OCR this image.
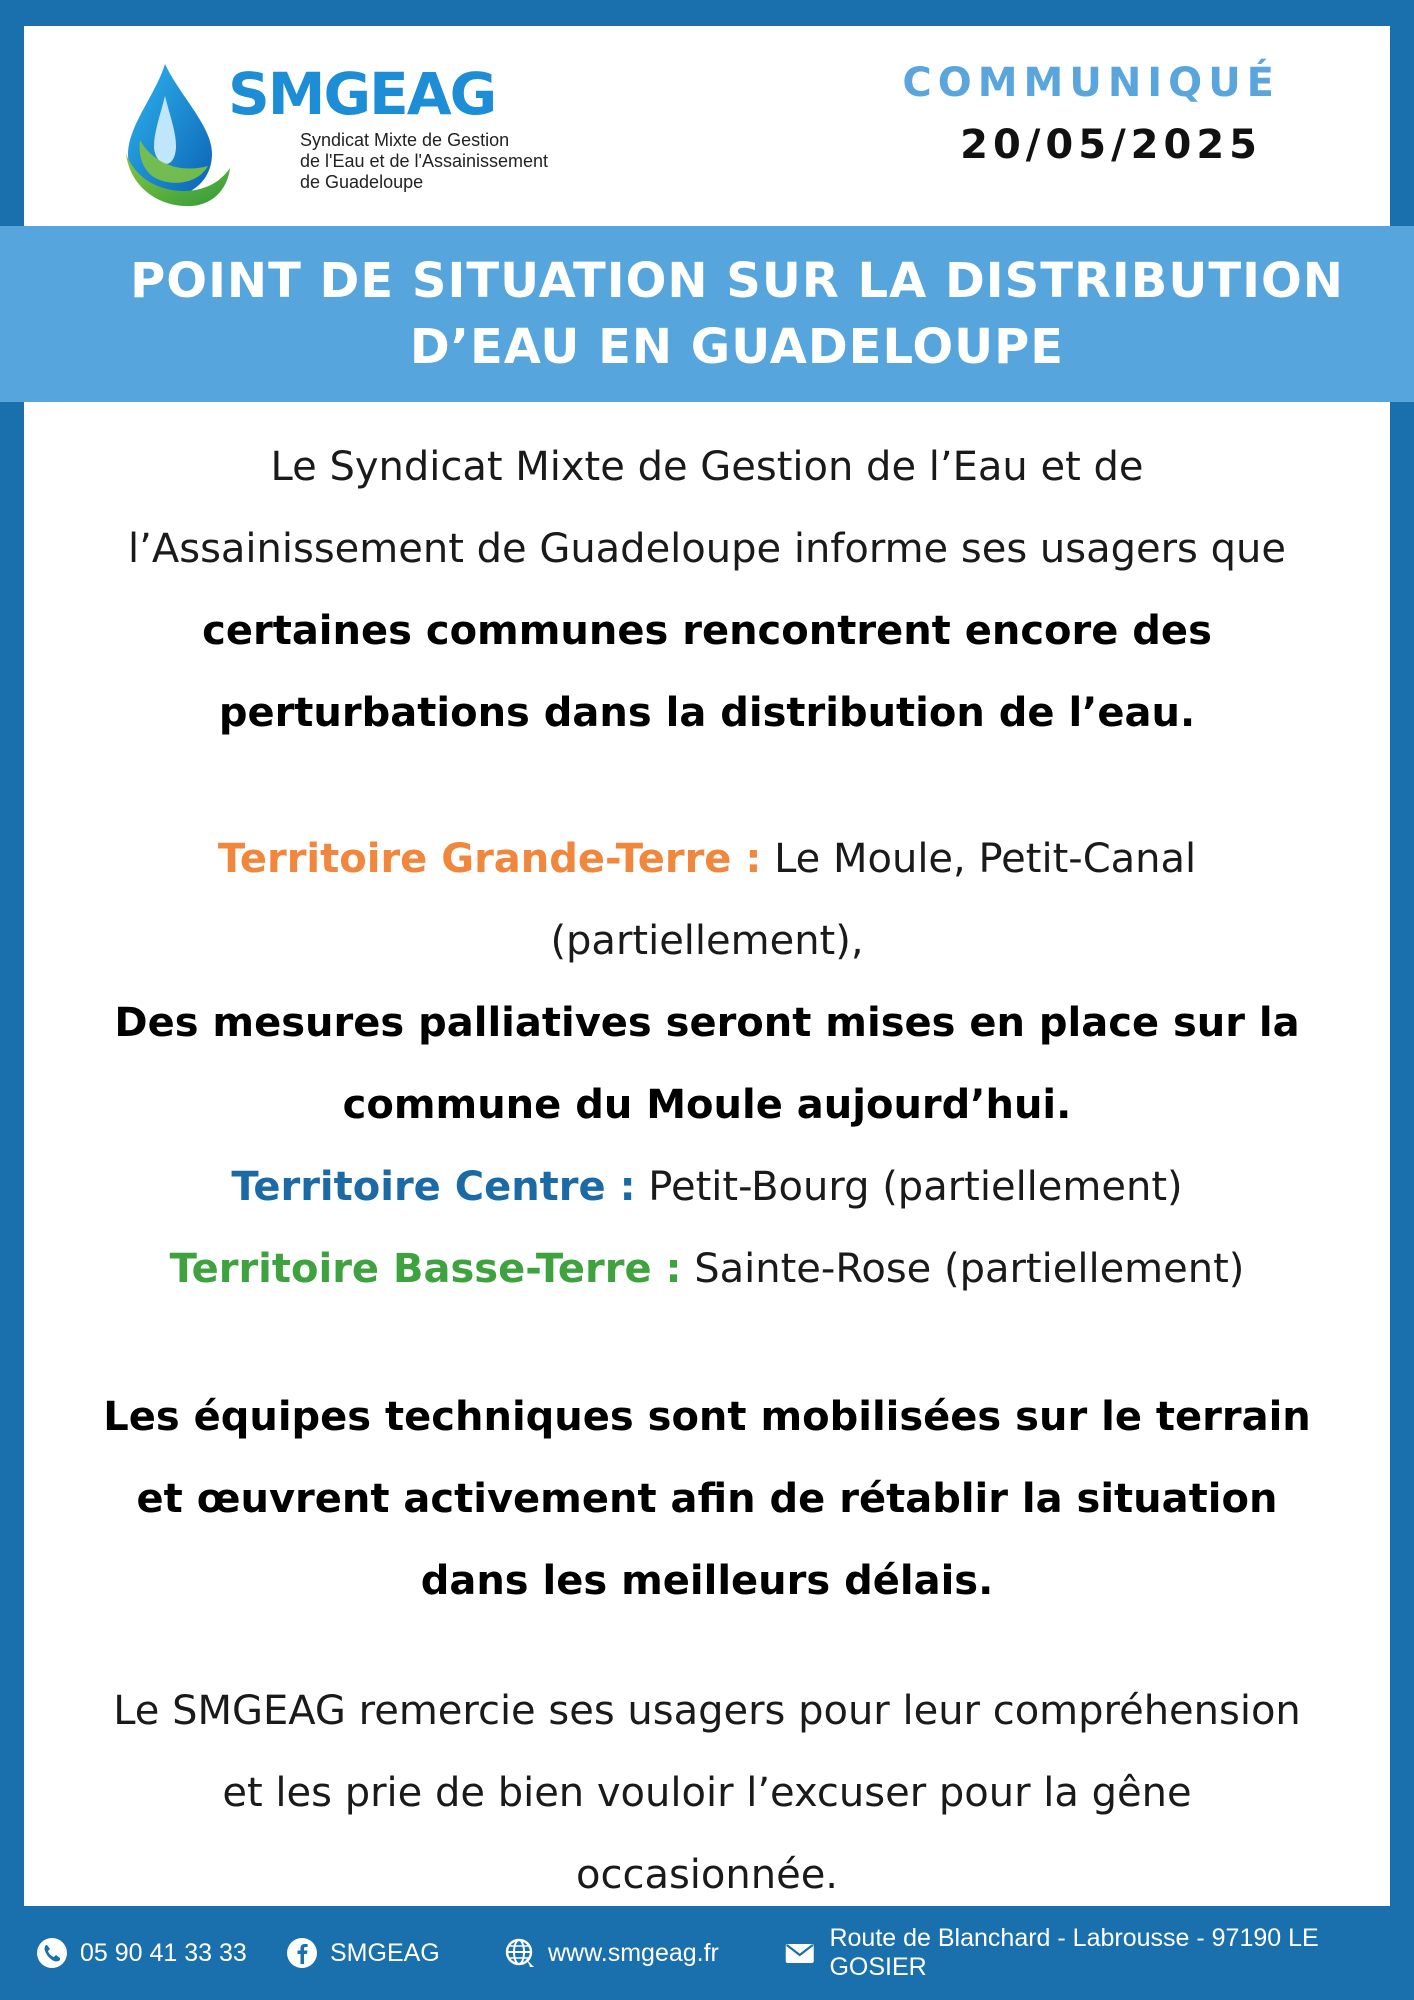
SMGEAG
Syndicat Mixte de Gestion
de l'Eau et de l'Assainissement
de Guadeloupe
COMMUNIQUÉ
20/05/2025
POINT DE SITUATION SUR LA DISTRIBUTION
D’EAU EN GUADELOUPE

Le Syndicat Mixte de Gestion de l’Eau et de

l’Assainissement de Guadeloupe informe ses usagers que

certaines communes rencontrent encore des

perturbations dans la distribution de l’eau.

Territoire Grande-Terre : Le Moule, Petit-Canal

(partiellement),

Des mesures palliatives seront mises en place sur la

commune du Moule aujourd’hui.

Territoire Centre : Petit-Bourg (partiellement)

Territoire Basse-Terre : Sainte-Rose (partiellement)

Les équipes techniques sont mobilisées sur le terrain

et œuvrent activement afin de rétablir la situation

dans les meilleurs délais.

Le SMGEAG remercie ses usagers pour leur compréhension

et les prie de bien vouloir l’excuser pour la gêne

occasionnée.

05 90 41 33 33	SMGEAG	www.smgeag.fr
Route de Blanchard - Labrousse - 97190 LE GOSIER
